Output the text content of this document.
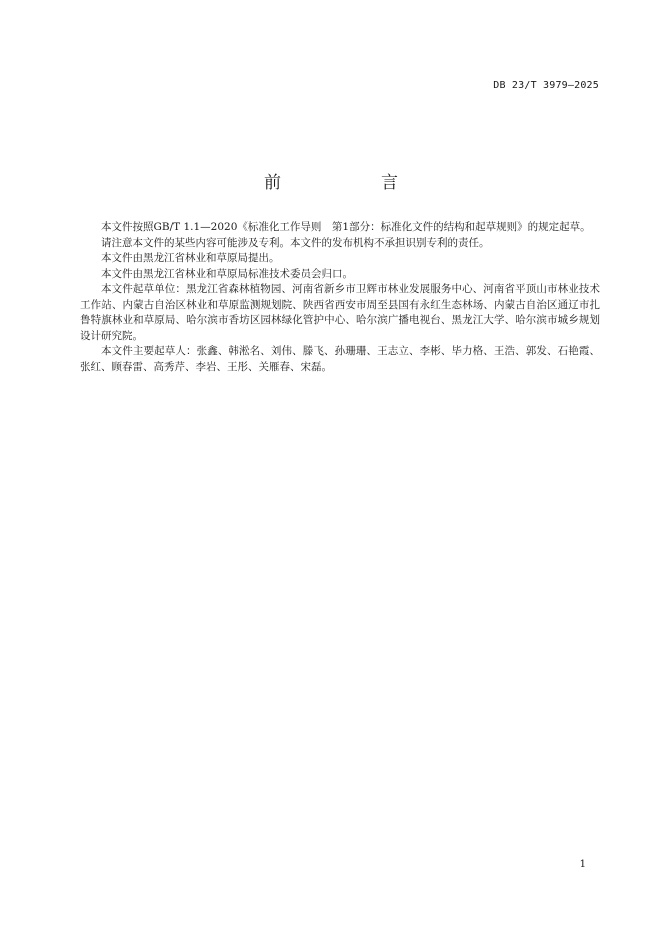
DB 23/T 3979—2025
前　　言

本文件按照GB/T 1.1—2020《标准化工作导则　第1部分：标准化文件的结构和起草规则》的规定起草。

请注意本文件的某些内容可能涉及专利。本文件的发布机构不承担识别专利的责任。

本文件由黑龙江省林业和草原局提出。

本文件由黑龙江省林业和草原局标准技术委员会归口。

本文件起草单位：黑龙江省森林植物园、河南省新乡市卫辉市林业发展服务中心、河南省平顶山市林业技术工作站、内蒙古自治区林业和草原监测规划院、陕西省西安市周至县国有永红生态林场、内蒙古自治区通辽市扎鲁特旗林业和草原局、哈尔滨市香坊区园林绿化管护中心、哈尔滨广播电视台、黑龙江大学、哈尔滨市城乡规划设计研究院。

本文件主要起草人：张鑫、韩淞名、刘伟、滕飞、孙珊珊、王志立、李彬、毕力格、王浩、郭发、石艳霞、张红、顾春雷、高秀芹、李岩、王彤、关雁春、宋磊。

1
